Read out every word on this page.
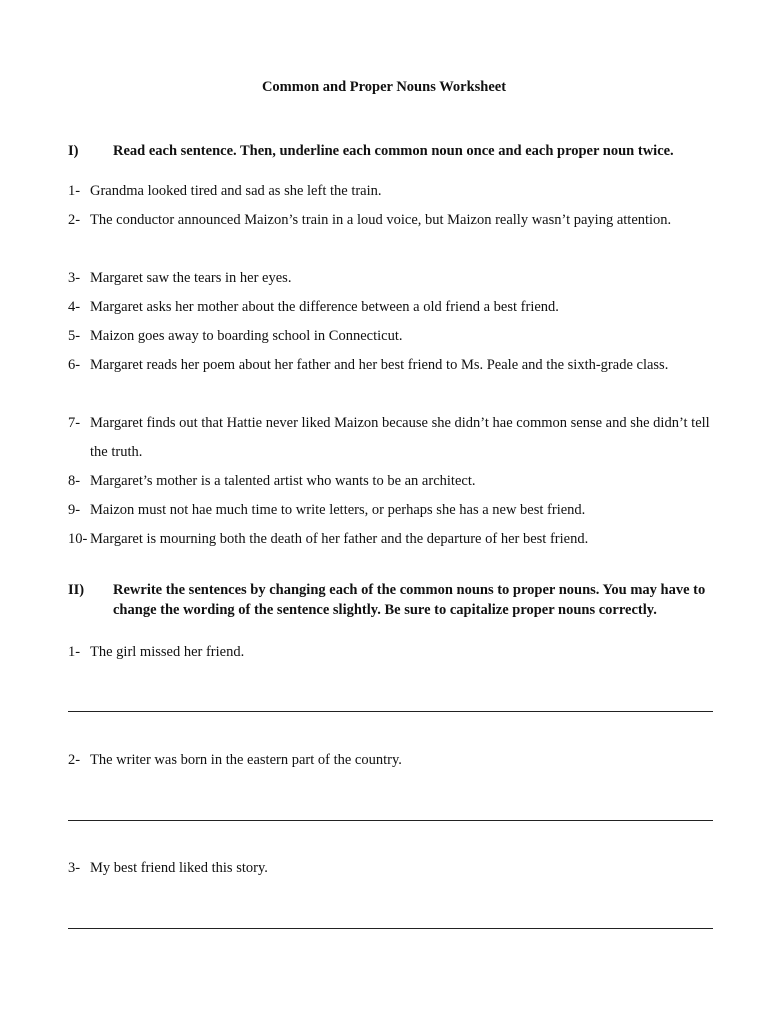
Common and Proper Nouns Worksheet
I)	Read each sentence. Then, underline each common noun once and each proper noun twice.
1- Grandma looked tired and sad as she left the train.
2- The conductor announced Maizon’s train in a loud voice, but Maizon really wasn’t paying attention.
3- Margaret saw the tears in her eyes.
4- Margaret asks her mother about the difference between a old friend a best friend.
5- Maizon goes away to boarding school in Connecticut.
6- Margaret reads her poem about her father and her best friend to Ms. Peale and the sixth-grade class.
7- Margaret finds out that Hattie never liked Maizon because she didn’t hae common sense and she didn’t tell the truth.
8- Margaret’s mother is a talented artist who wants to be an architect.
9- Maizon must not hae much time to write letters, or perhaps she has a new best friend.
10- Margaret is mourning both the death of her father and the departure of her best friend.
II)	Rewrite the sentences by changing each of the common nouns to proper nouns. You may have to change the wording of the sentence slightly. Be sure to capitalize proper nouns correctly.
1- The girl missed her friend.
2- The writer was born in the eastern part of the country.
3- My best friend liked this story.
